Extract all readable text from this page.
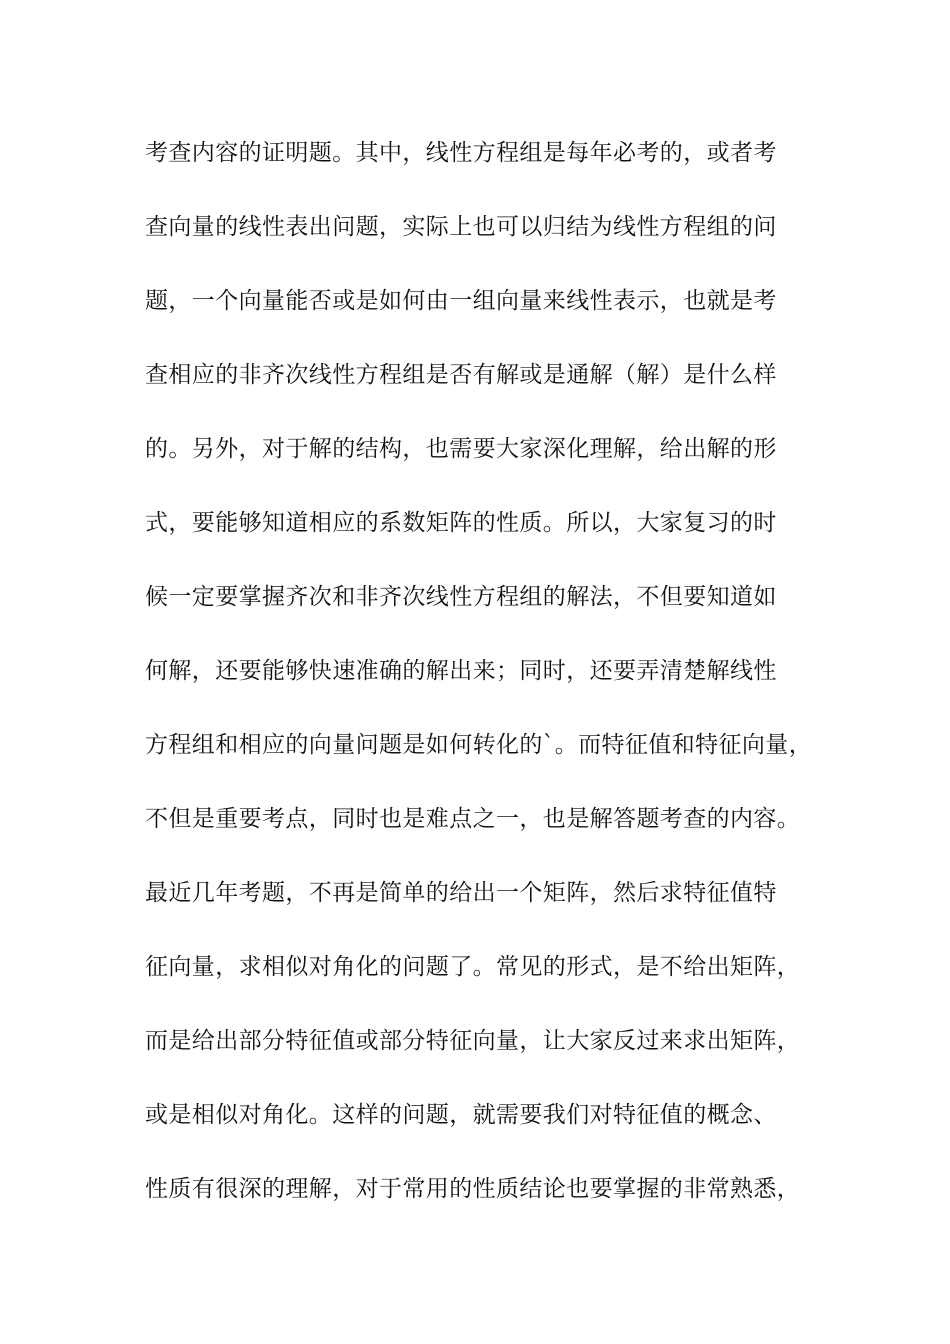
考查内容的证明题。其中，线性方程组是每年必考的，或者考
查向量的线性表出问题，实际上也可以归结为线性方程组的问
题，一个向量能否或是如何由一组向量来线性表示，也就是考
查相应的非齐次线性方程组是否有解或是通解（解）是什么样
的。另外，对于解的结构，也需要大家深化理解，给出解的形
式，要能够知道相应的系数矩阵的性质。所以，大家复习的时
候一定要掌握齐次和非齐次线性方程组的解法，不但要知道如
何解，还要能够快速准确的解出来；同时，还要弄清楚解线性
方程组和相应的向量问题是如何转化的`。而特征值和特征向量，
不但是重要考点，同时也是难点之一，也是解答题考查的内容。
最近几年考题，不再是简单的给出一个矩阵，然后求特征值特
征向量，求相似对角化的问题了。常见的形式，是不给出矩阵，
而是给出部分特征值或部分特征向量，让大家反过来求出矩阵，
或是相似对角化。这样的问题，就需要我们对特征值的概念、
性质有很深的理解，对于常用的性质结论也要掌握的非常熟悉，
